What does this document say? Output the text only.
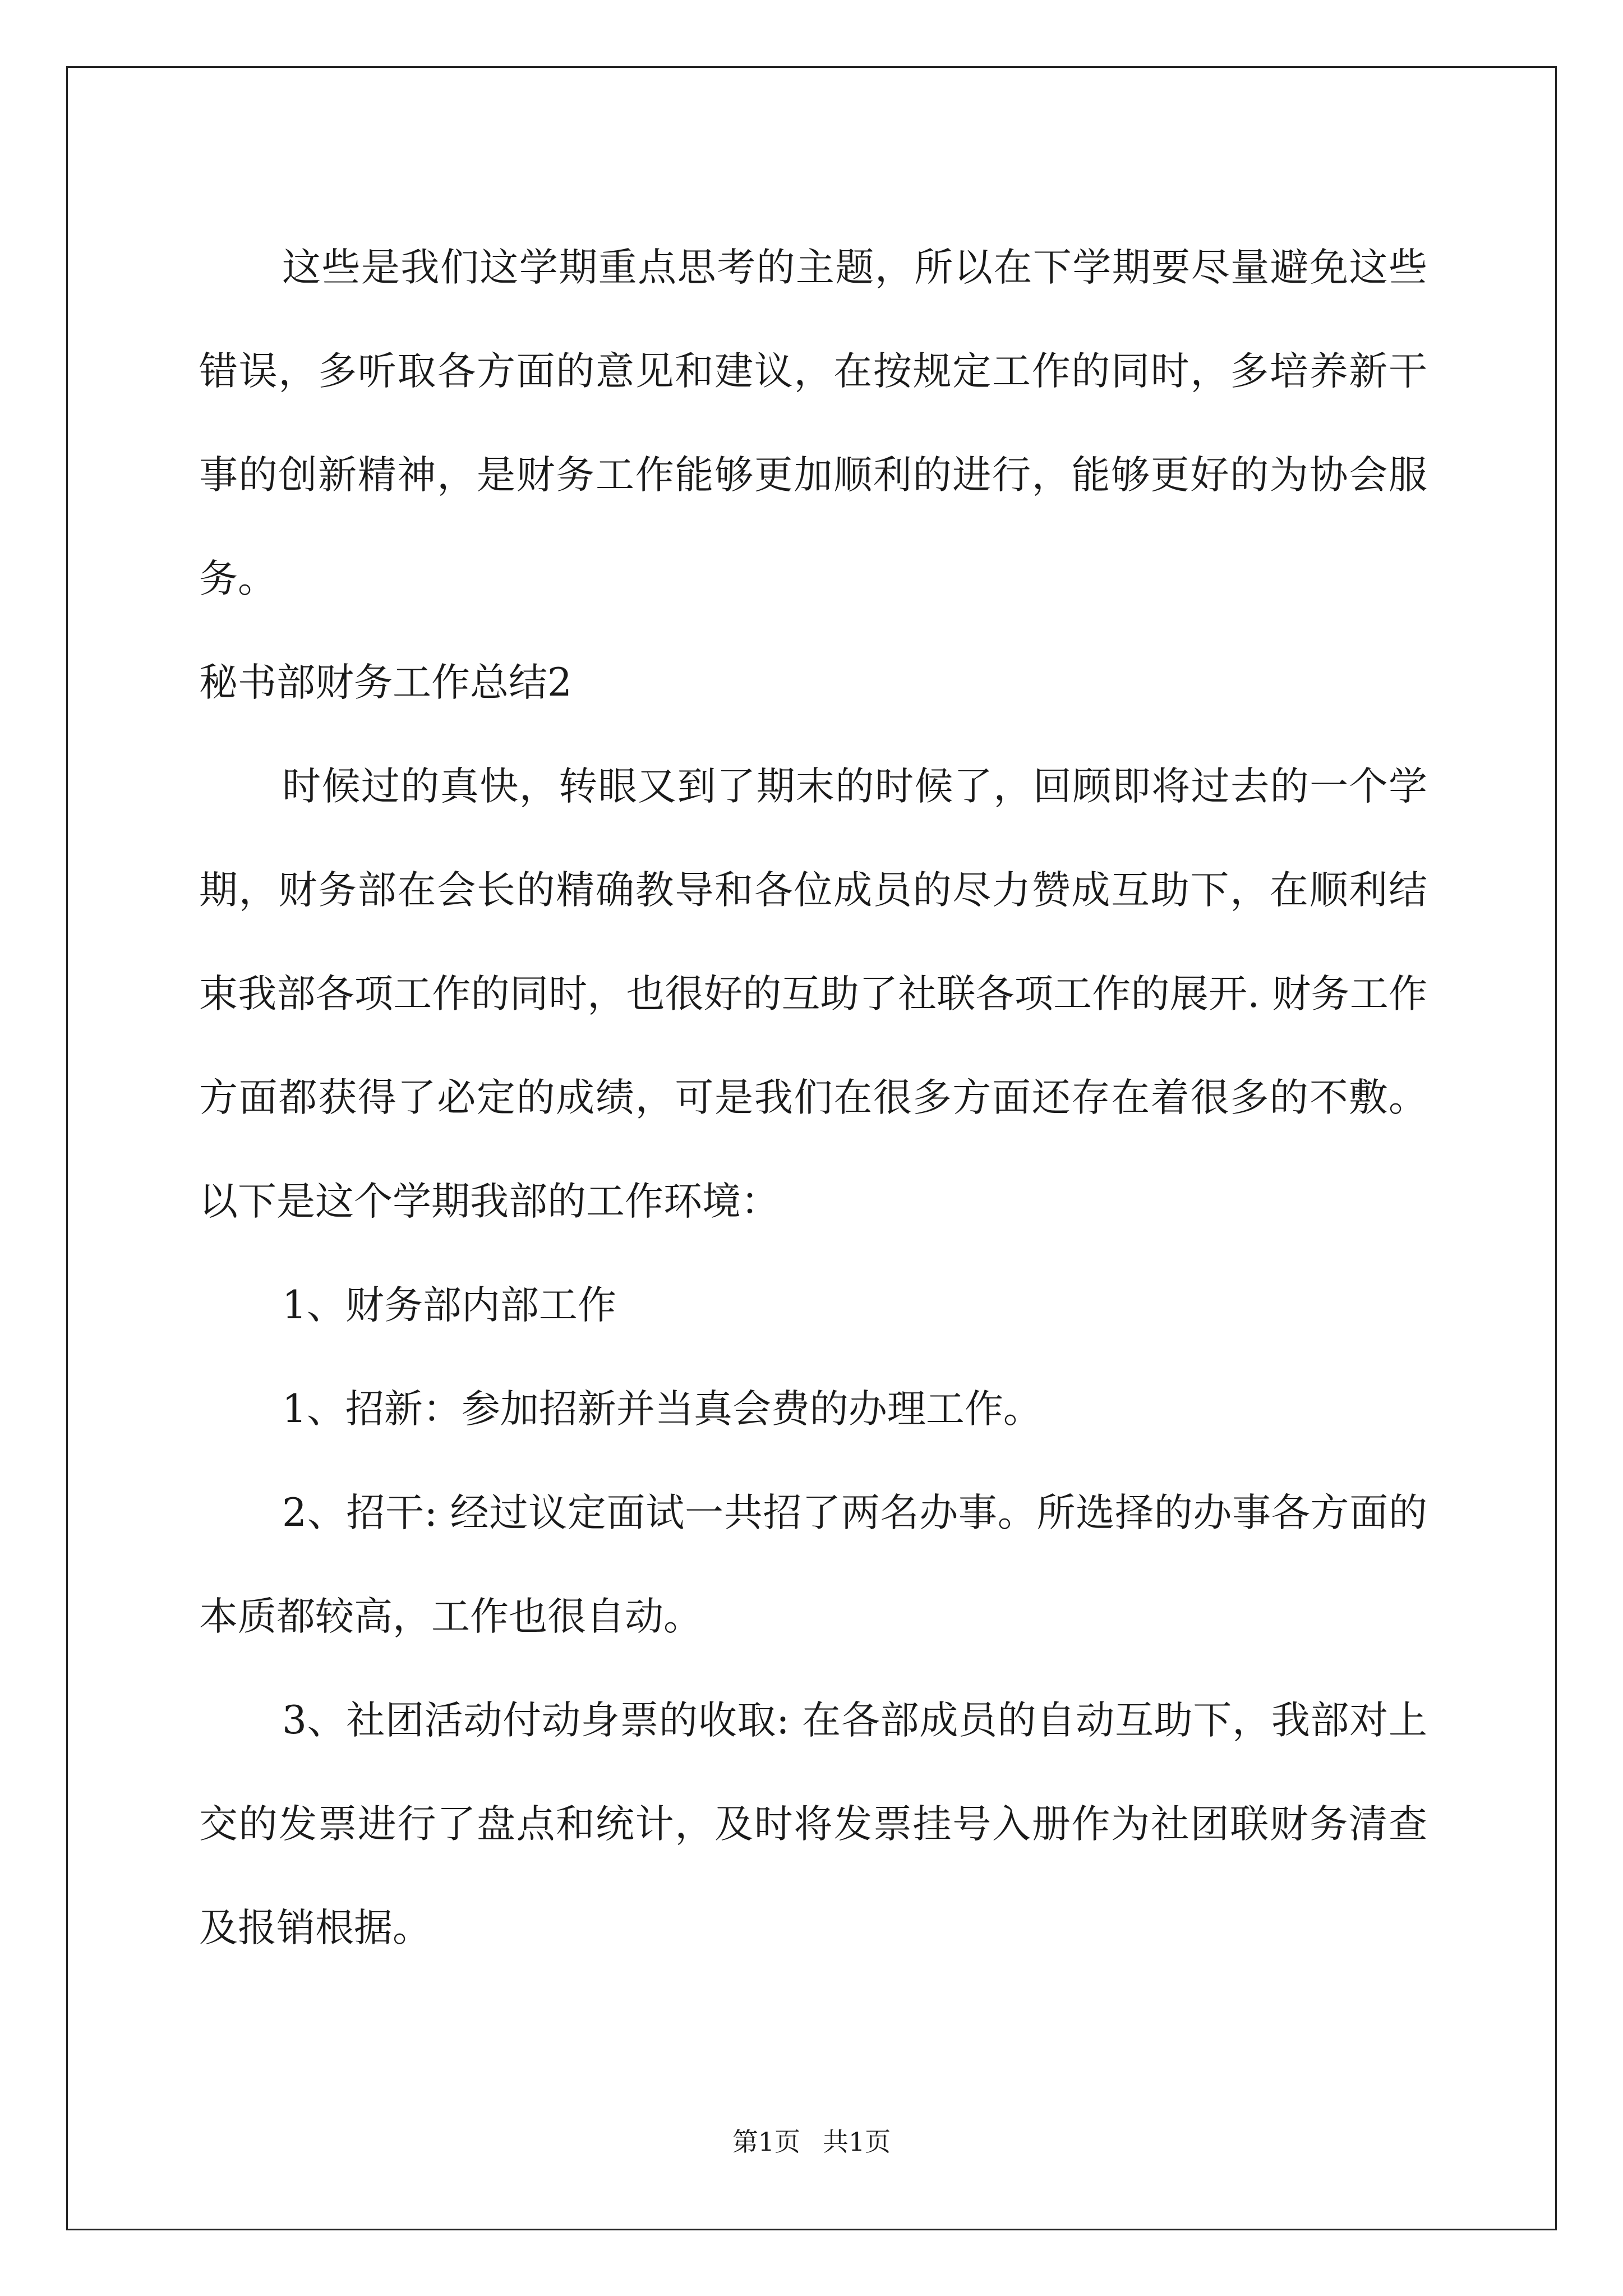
这些是我们这学期重点思考的主题，所以在下学期要尽量避免这些错误，多听取各方面的意见和建议，在按规定工作的同时，多培养新干事的创新精神，是财务工作能够更加顺利的进行，能够更好的为协会服务。

秘书部财务工作总结2

时候过的真快，转眼又到了期末的时候了，回顾即将过去的一个学期，财务部在会长的精确教导和各位成员的尽力赞成互助下，在顺利结束我部各项工作的同时，也很好的互助了社联各项工作的展开. 财务工作方面都获得了必定的成绩，可是我们在很多方面还存在着很多的不敷。以下是这个学期我部的工作环境：

1、财务部内部工作

1、招新：参加招新并当真会费的办理工作。

2、招干: 经过议定面试一共招了两名办事。所选择的办事各方面的本质都较高，工作也很自动。

3、社团活动付动身票的收取: 在各部成员的自动互助下，我部对上交的发票进行了盘点和统计，及时将发票挂号入册作为社团联财务清查及报销根据。

第1页 共1页
